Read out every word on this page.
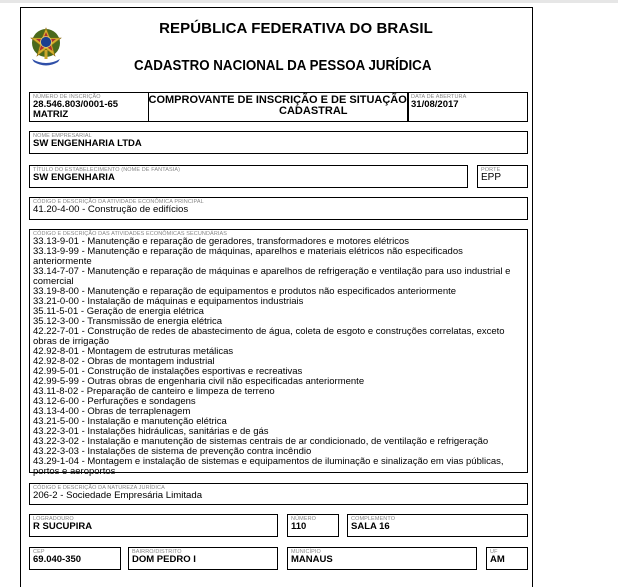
REPÚBLICA FEDERATIVA DO BRASIL
CADASTRO NACIONAL DA PESSOA JURÍDICA
NÚMERO DE INSCRIÇÃO
28.546.803/0001-65
MATRIZ
COMPROVANTE DE INSCRIÇÃO E DE SITUAÇÃO
CADASTRAL
DATA DE ABERTURA
31/08/2017
NOME EMPRESARIAL
SW ENGENHARIA LTDA
TÍTULO DO ESTABELECIMENTO (NOME DE FANTASIA)
SW ENGENHARIA
PORTE
EPP
CÓDIGO E DESCRIÇÃO DA ATIVIDADE ECONÔMICA PRINCIPAL
41.20-4-00 - Construção de edifícios
CÓDIGO E DESCRIÇÃO DAS ATIVIDADES ECONÔMICAS SECUNDÁRIAS
33.13-9-01 - Manutenção e reparação de geradores, transformadores e motores elétricos
33.13-9-99 - Manutenção e reparação de máquinas, aparelhos e materiais elétricos não especificados anteriormente
33.14-7-07 - Manutenção e reparação de máquinas e aparelhos de refrigeração e ventilação para uso industrial e comercial
33.19-8-00 - Manutenção e reparação de equipamentos e produtos não especificados anteriormente
33.21-0-00 - Instalação de máquinas e equipamentos industriais
35.11-5-01 - Geração de energia elétrica
35.12-3-00 - Transmissão de energia elétrica
42.22-7-01 - Construção de redes de abastecimento de água, coleta de esgoto e construções correlatas, exceto obras de irrigação
42.92-8-01 - Montagem de estruturas metálicas
42.92-8-02 - Obras de montagem industrial
42.99-5-01 - Construção de instalações esportivas e recreativas
42.99-5-99 - Outras obras de engenharia civil não especificadas anteriormente
43.11-8-02 - Preparação de canteiro e limpeza de terreno
43.12-6-00 - Perfurações e sondagens
43.13-4-00 - Obras de terraplenagem
43.21-5-00 - Instalação e manutenção elétrica
43.22-3-01 - Instalações hidráulicas, sanitárias e de gás
43.22-3-02 - Instalação e manutenção de sistemas centrais de ar condicionado, de ventilação e refrigeração
43.22-3-03 - Instalações de sistema de prevenção contra incêndio
43.29-1-04 - Montagem e instalação de sistemas e equipamentos de iluminação e sinalização em vias públicas, portos e aeroportos
CÓDIGO E DESCRIÇÃO DA NATUREZA JURÍDICA
206-2 - Sociedade Empresária Limitada
LOGRADOURO
R SUCUPIRA
NÚMERO
110
COMPLEMENTO
SALA 16
CEP
69.040-350
BAIRRO/DISTRITO
DOM PEDRO I
MUNICÍPIO
MANAUS
UF
AM
